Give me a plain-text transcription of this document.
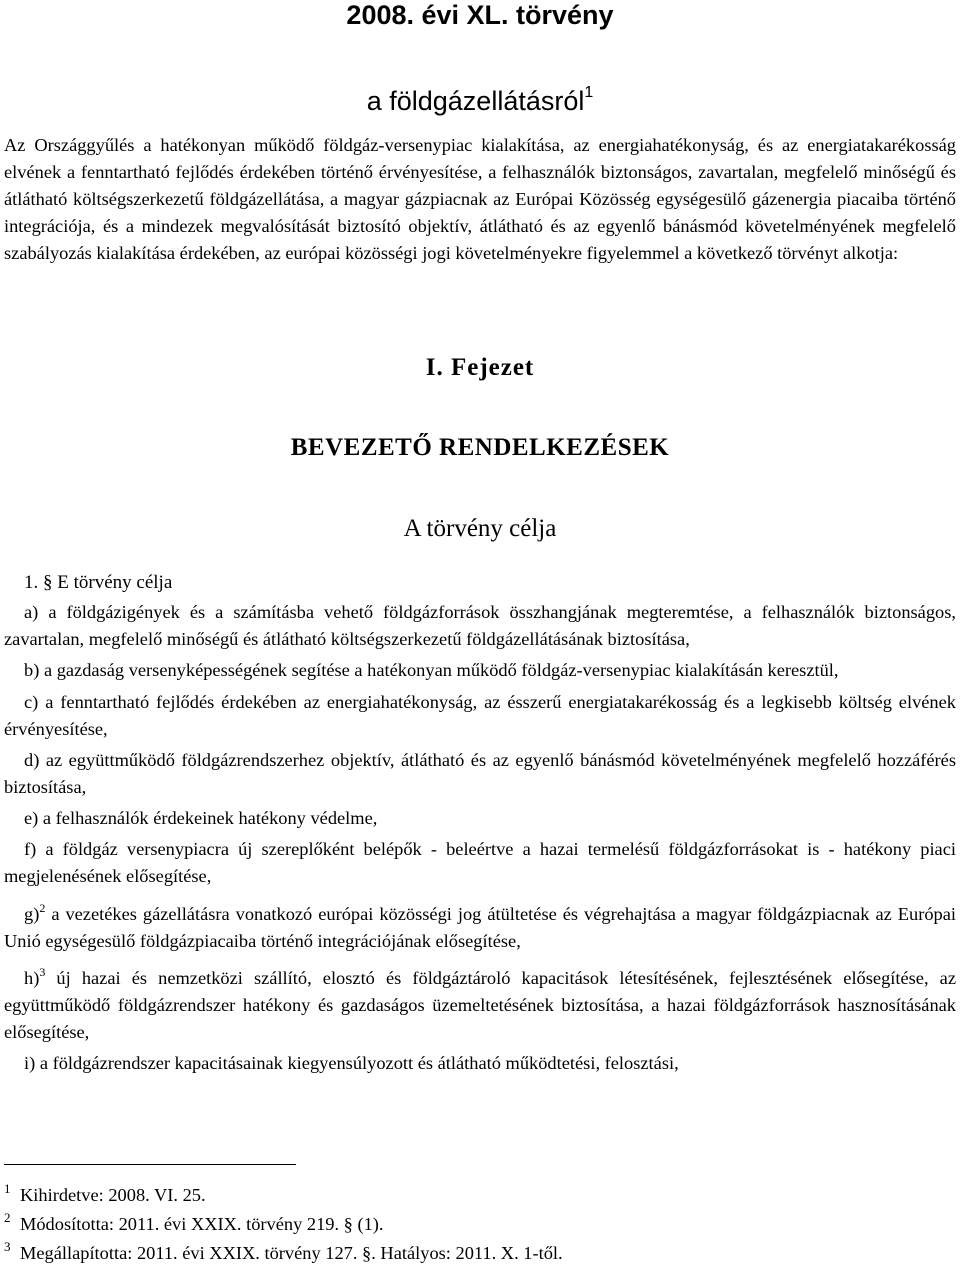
2008. évi XL. törvény
a földgázellátásról$^1$

Az Országgyűlés a hatékonyan működő földgáz-versenypiac kialakítása, az energiahatékonyság, és az energiatakarékosság elvének a fenntartható fejlődés érdekében történő érvényesítése, a felhasználók biztonságos, zavartalan, megfelelő minőségű és átlátható költségszerkezetű földgázellátása, a magyar gázpiacnak az Európai Közösség egységesülő gázenergia piacaiba történő integrációja, és a mindezek megvalósítását biztosító objektív, átlátható és az egyenlő bánásmód követelményének megfelelő szabályozás kialakítása érdekében, az európai közösségi jogi követelményekre figyelemmel a következő törvényt alkotja:

I. Fejezet
BEVEZETŐ RENDELKEZÉSEK
A törvény célja

1. § E törvény célja

a) a földgázigények és a számításba vehető földgázforrások összhangjának megteremtése, a felhasználók biztonságos, zavartalan, megfelelő minőségű és átlátható költségszerkezetű földgázellátásának biztosítása,

b) a gazdaság versenyképességének segítése a hatékonyan működő földgáz-versenypiac kialakításán keresztül,

c) a fenntartható fejlődés érdekében az energiahatékonyság, az ésszerű energiatakarékosság és a legkisebb költség elvének érvényesítése,

d) az együttműködő földgázrendszerhez objektív, átlátható és az egyenlő bánásmód követelményének megfelelő hozzáférés biztosítása,

e) a felhasználók érdekeinek hatékony védelme,

f) a földgáz versenypiacra új szereplőként belépők - beleértve a hazai termelésű földgázforrásokat is - hatékony piaci megjelenésének elősegítése,

g)$^2$ a vezetékes gázellátásra vonatkozó európai közösségi jog átültetése és végrehajtása a magyar földgázpiacnak az Európai Unió egységesülő földgázpiacaiba történő integrációjának elősegítése,

h)$^3$ új hazai és nemzetközi szállító, elosztó és földgáztároló kapacitások létesítésének, fejlesztésének elősegítése, az együttműködő földgázrendszer hatékony és gazdaságos üzemeltetésének biztosítása, a hazai földgázforrások hasznosításának elősegítése,

i) a földgázrendszer kapacitásainak kiegyensúlyozott és átlátható működtetési, felosztási,

1 Kihirdetve: 2008. VI. 25.
2 Módosította: 2011. évi XXIX. törvény 219. § (1).
3 Megállapította: 2011. évi XXIX. törvény 127. §. Hatályos: 2011. X. 1-től.
